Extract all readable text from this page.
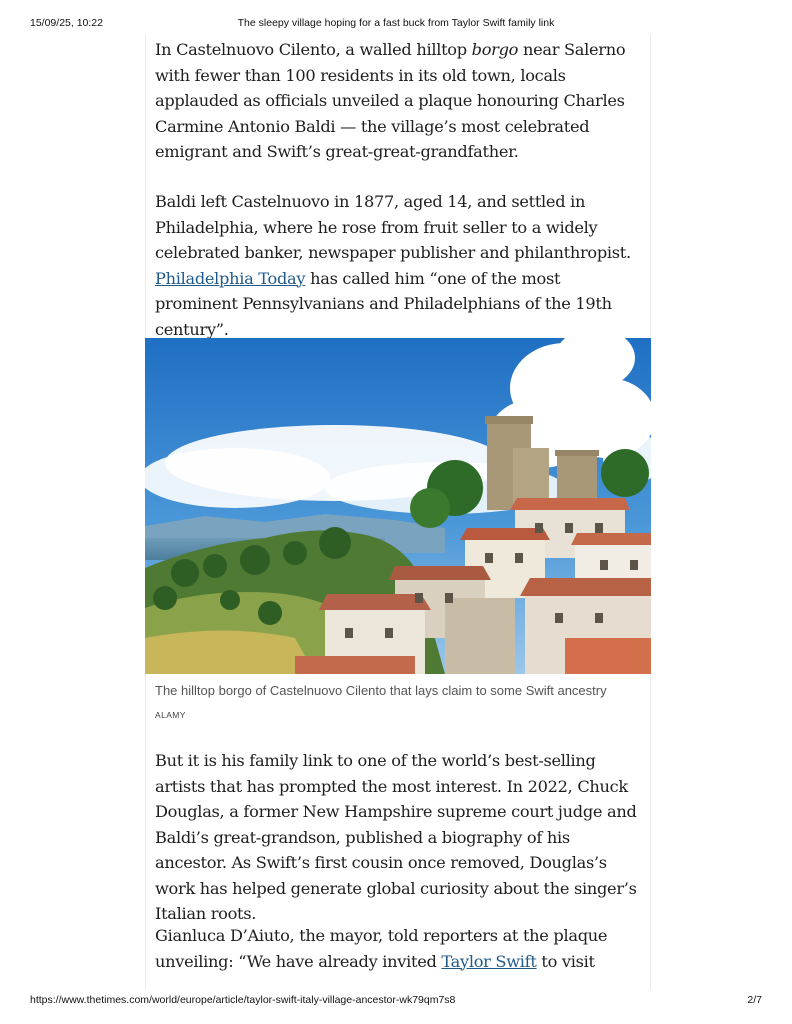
15/09/25, 10:22	The sleepy village hoping for a fast buck from Taylor Swift family link

In Castelnuovo Cilento, a walled hilltop borgo near Salerno with fewer than 100 residents in its old town, locals applauded as officials unveiled a plaque honouring Charles Carmine Antonio Baldi — the village’s most celebrated emigrant and Swift’s great-great-grandfather.

Baldi left Castelnuovo in 1877, aged 14, and settled in Philadelphia, where he rose from fruit seller to a widely celebrated banker, newspaper publisher and philanthropist. Philadelphia Today has called him “one of the most prominent Pennsylvanians and Philadelphians of the 19th century”.

The hilltop borgo of Castelnuovo Cilento that lays claim to some Swift ancestry
ALAMY

But it is his family link to one of the world’s best-selling artists that has prompted the most interest. In 2022, Chuck Douglas, a former New Hampshire supreme court judge and Baldi’s great-grandson, published a biography of his ancestor. As Swift’s first cousin once removed, Douglas’s work has helped generate global curiosity about the singer’s Italian roots.

Gianluca D’Aiuto, the mayor, told reporters at the plaque unveiling: “We have already invited Taylor Swift to visit

https://www.thetimes.com/world/europe/article/taylor-swift-italy-village-ancestor-wk79qm7s8	2/7
